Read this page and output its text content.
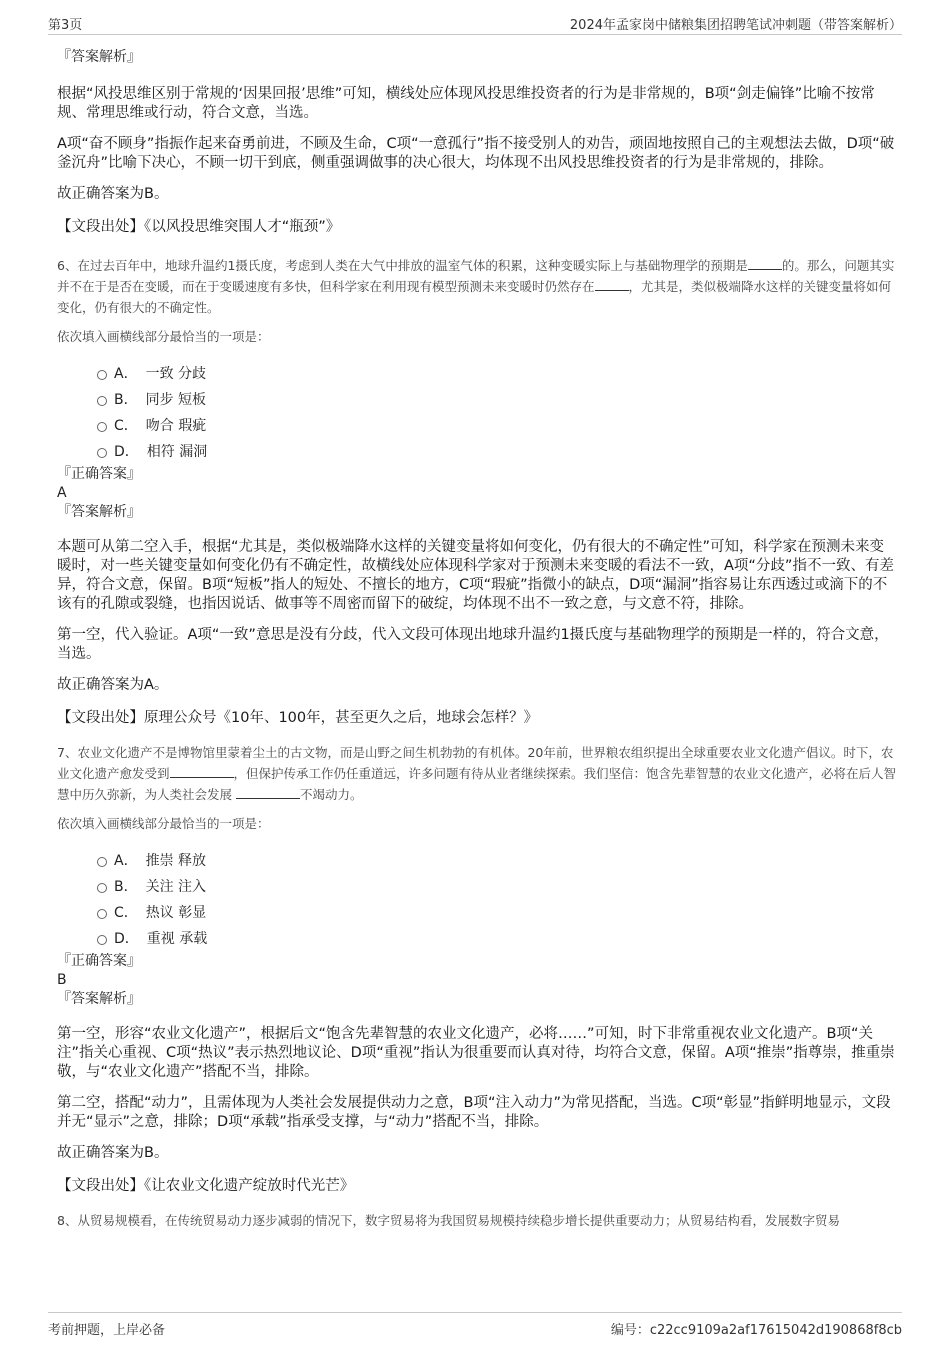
第3页	2024年孟家岗中储粮集团招聘笔试冲刺题（带答案解析）

『答案解析』

根据“风投思维区别于常规的‘因果回报’思维”可知，横线处应体现风投思维投资者的行为是非常规的，B项“剑走偏锋”比喻不按常规、常理思维或行动，符合文意，当选。

A项“奋不顾身”指振作起来奋勇前进，不顾及生命，C项“一意孤行”指不接受别人的劝告，顽固地按照自己的主观想法去做，D项“破釜沉舟”比喻下决心，不顾一切干到底，侧重强调做事的决心很大，均体现不出风投思维投资者的行为是非常规的，排除。

故正确答案为B。

【文段出处】《以风投思维突围人才“瓶颈”》

6、在过去百年中，地球升温约1摄氏度，考虑到人类在大气中排放的温室气体的积累，这种变暖实际上与基础物理学的预期是	的。那么，问题其实并不在于是否在变暖，而在于变暖速度有多快，但科学家在利用现有模型预测未来变暖时仍然存在	，尤其是，类似极端降水这样的关键变量将如何变化，仍有很大的不确定性。

依次填入画横线部分最恰当的一项是：

A． 一致 分歧
B． 同步 短板
C． 吻合 瑕疵
D． 相符 漏洞

『正确答案』

A

『答案解析』

本题可从第二空入手，根据“尤其是，类似极端降水这样的关键变量将如何变化，仍有很大的不确定性”可知，科学家在预测未来变暖时，对一些关键变量如何变化仍有不确定性，故横线处应体现科学家对于预测未来变暖的看法不一致，A项“分歧”指不一致、有差异，符合文意，保留。B项“短板”指人的短处、不擅长的地方，C项“瑕疵”指微小的缺点，D项“漏洞”指容易让东西透过或滴下的不该有的孔隙或裂缝，也指因说话、做事等不周密而留下的破绽，均体现不出不一致之意，与文意不符，排除。

第一空，代入验证。A项“一致”意思是没有分歧，代入文段可体现出地球升温约1摄氏度与基础物理学的预期是一样的，符合文意，当选。

故正确答案为A。

【文段出处】原理公众号《10年、100年，甚至更久之后，地球会怎样？》

7、农业文化遗产不是博物馆里蒙着尘土的古文物，而是山野之间生机勃勃的有机体。20年前，世界粮农组织提出全球重要农业文化遗产倡议。时下，农业文化遗产愈发受到	，但保护传承工作仍任重道远，许多问题有待从业者继续探索。我们坚信：饱含先辈智慧的农业文化遗产，必将在后人智慧中历久弥新，为人类社会发展	不竭动力。

依次填入画横线部分最恰当的一项是：

A． 推崇 释放
B． 关注 注入
C． 热议 彰显
D． 重视 承载

『正确答案』

B

『答案解析』

第一空，形容“农业文化遗产”，根据后文“饱含先辈智慧的农业文化遗产，必将……”可知，时下非常重视农业文化遗产。B项“关注”指关心重视、C项“热议”表示热烈地议论、D项“重视”指认为很重要而认真对待，均符合文意，保留。A项“推崇”指尊崇，推重崇敬，与“农业文化遗产”搭配不当，排除。

第二空，搭配“动力”，且需体现为人类社会发展提供动力之意，B项“注入动力”为常见搭配，当选。C项“彰显”指鲜明地显示，文段并无“显示”之意，排除；D项“承载”指承受支撑，与“动力”搭配不当，排除。

故正确答案为B。

【文段出处】《让农业文化遗产绽放时代光芒》

8、从贸易规模看，在传统贸易动力逐步减弱的情况下，数字贸易将为我国贸易规模持续稳步增长提供重要动力；从贸易结构看，发展数字贸易

考前押题，上岸必备	编号：c22cc9109a2af17615042d190868f8cb
